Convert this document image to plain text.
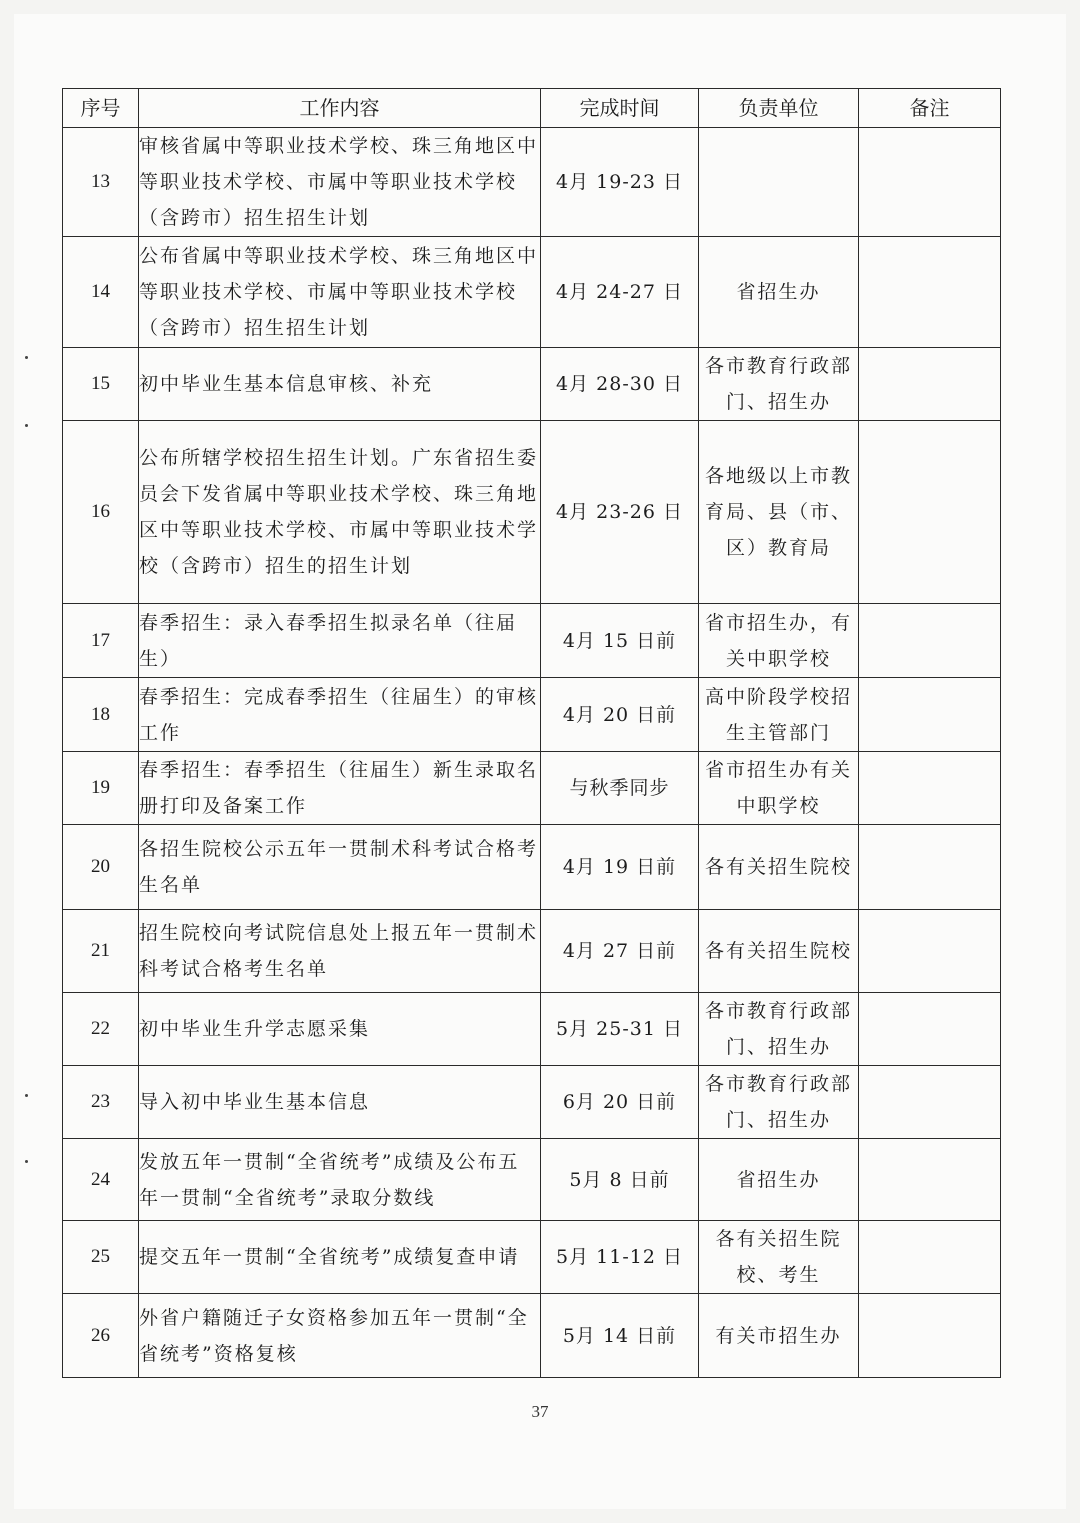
序号	工作内容	完成时间	负责单位	备注
13	审核省属中等职业技术学校、珠三角地区中等职业技术学校、市属中等职业技术学校（含跨市）招生招生计划	4月 19-23 日		
14	公布省属中等职业技术学校、珠三角地区中等职业技术学校、市属中等职业技术学校（含跨市）招生招生计划	4月 24-27 日	省招生办	
15	初中毕业生基本信息审核、补充	4月 28-30 日	各市教育行政部门、招生办	
16	公布所辖学校招生招生计划。广东省招生委员会下发省属中等职业技术学校、珠三角地区中等职业技术学校、市属中等职业技术学校（含跨市）招生的招生计划	4月 23-26 日	各地级以上市教育局、县（市、区）教育局	
17	春季招生：录入春季招生拟录名单（往届生）	4月 15 日前	省市招生办，有关中职学校	
18	春季招生：完成春季招生（往届生）的审核工作	4月 20 日前	高中阶段学校招生主管部门	
19	春季招生：春季招生（往届生）新生录取名册打印及备案工作	与秋季同步	省市招生办有关中职学校	
20	各招生院校公示五年一贯制术科考试合格考生名单	4月 19 日前	各有关招生院校	
21	招生院校向考试院信息处上报五年一贯制术科考试合格考生名单	4月 27 日前	各有关招生院校	
22	初中毕业生升学志愿采集	5月 25-31 日	各市教育行政部门、招生办	
23	导入初中毕业生基本信息	6月 20 日前	各市教育行政部门、招生办	
24	发放五年一贯制“全省统考”成绩及公布五年一贯制“全省统考”录取分数线	5月 8 日前	省招生办	
25	提交五年一贯制“全省统考”成绩复查申请	5月 11-12 日	各有关招生院校、考生	
26	外省户籍随迁子女资格参加五年一贯制“全省统考”资格复核	5月 14 日前	有关市招生办	
37
